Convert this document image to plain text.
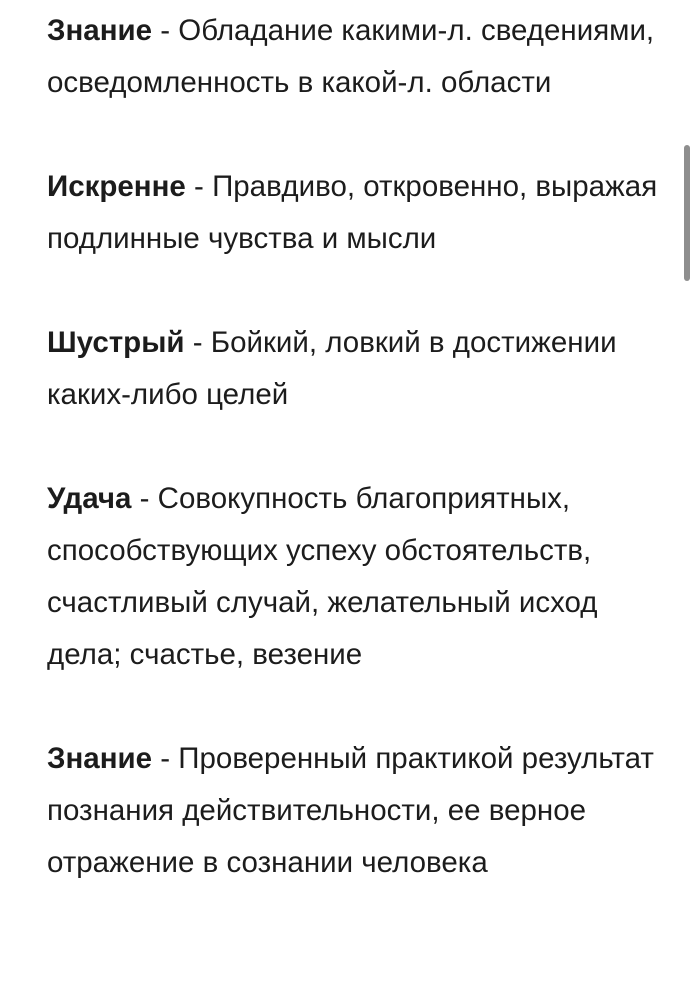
Знание - Обладание какими-л. сведениями, осведомленность в какой-л. области

Искренне - Правдиво, откровенно, выражая подлинные чувства и мысли

Шустрый - Бойкий, ловкий в достижении каких-либо целей

Удача - Совокупность благоприятных, способствующих успеху обстоятельств, счастливый случай, желательный исход дела; счастье, везение

Знание - Проверенный практикой результат познания действительности, ее верное отражение в сознании человека
